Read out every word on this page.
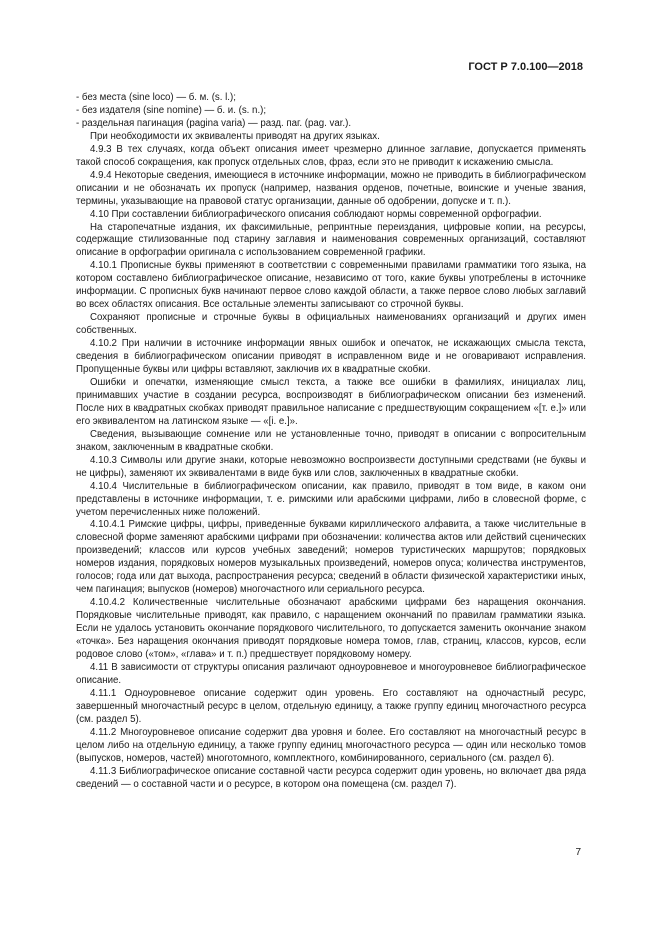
ГОСТ Р 7.0.100—2018

‐ без места (sine loco) — б. м. (s. l.);

‐ без издателя (sine nomine) — б. и. (s. n.);

‐ раздельная пагинация (pagina varia) — разд. паг. (pag. var.).

При необходимости их эквиваленты приводят на других языках.

4.9.3 В тех случаях, когда объект описания имеет чрезмерно длинное заглавие, допускается применять такой способ сокращения, как пропуск отдельных слов, фраз, если это не приводит к искажению смысла.

4.9.4 Некоторые сведения, имеющиеся в источнике информации, можно не приводить в библиографическом описании и не обозначать их пропуск (например, названия орденов, почетные, воинские и ученые звания, термины, указывающие на правовой статус организации, данные об одобрении, допуске и т. п.).

4.10 При составлении библиографического описания соблюдают нормы современной орфографии.

На старопечатные издания, их факсимильные, репринтные переиздания, цифровые копии, на ресурсы, содержащие стилизованные под старину заглавия и наименования современных организаций, составляют описание в орфографии оригинала с использованием современной графики.

4.10.1 Прописные буквы применяют в соответствии с современными правилами грамматики того языка, на котором составлено библиографическое описание, независимо от того, какие буквы употреблены в источнике информации. С прописных букв начинают первое слово каждой области, а также первое слово любых заглавий во всех областях описания. Все остальные элементы записывают со строчной буквы.

Сохраняют прописные и строчные буквы в официальных наименованиях организаций и других имен собственных.

4.10.2 При наличии в источнике информации явных ошибок и опечаток, не искажающих смысла текста, сведения в библиографическом описании приводят в исправленном виде и не оговаривают исправления. Пропущенные буквы или цифры вставляют, заключив их в квадратные скобки.

Ошибки и опечатки, изменяющие смысл текста, а также все ошибки в фамилиях, инициалах лиц, принимавших участие в создании ресурса, воспроизводят в библиографическом описании без изменений. После них в квадратных скобках приводят правильное написание с предшествующим сокращением «[т. е.]» или его эквивалентом на латинском языке — «[i. e.]».

Сведения, вызывающие сомнение или не установленные точно, приводят в описании с вопросительным знаком, заключенным в квадратные скобки.

4.10.3 Символы или другие знаки, которые невозможно воспроизвести доступными средствами (не буквы и не цифры), заменяют их эквивалентами в виде букв или слов, заключенных в квадратные скобки.

4.10.4 Числительные в библиографическом описании, как правило, приводят в том виде, в каком они представлены в источнике информации, т. е. римскими или арабскими цифрами, либо в словесной форме, с учетом перечисленных ниже положений.

4.10.4.1 Римские цифры, цифры, приведенные буквами кириллического алфавита, а также числительные в словесной форме заменяют арабскими цифрами при обозначении: количества актов или действий сценических произведений; классов или курсов учебных заведений; номеров туристических маршрутов; порядковых номеров издания, порядковых номеров музыкальных произведений, номеров опуса; количества инструментов, голосов; года или дат выхода, распространения ресурса; сведений в области физической характеристики иных, чем пагинация; выпусков (номеров) многочастного или сериального ресурса.

4.10.4.2 Количественные числительные обозначают арабскими цифрами без наращения окончания. Порядковые числительные приводят, как правило, с наращением окончаний по правилам грамматики языка. Если не удалось установить окончание порядкового числительного, то допускается заменить окончание знаком «точка». Без наращения окончания приводят порядковые номера томов, глав, страниц, классов, курсов, если родовое слово («том», «глава» и т. п.) предшествует порядковому номеру.

4.11 В зависимости от структуры описания различают одноуровневое и многоуровневое библиографическое описание.

4.11.1 Одноуровневое описание содержит один уровень. Его составляют на одночастный ресурс, завершенный многочастный ресурс в целом, отдельную единицу, а также группу единиц многочастного ресурса (см. раздел 5).

4.11.2 Многоуровневое описание содержит два уровня и более. Его составляют на многочастный ресурс в целом либо на отдельную единицу, а также группу единиц многочастного ресурса — один или несколько томов (выпусков, номеров, частей) многотомного, комплектного, комбинированного, сериального (см. раздел 6).

4.11.3 Библиографическое описание составной части ресурса содержит один уровень, но включает два ряда сведений — о составной части и о ресурсе, в котором она помещена (см. раздел 7).

7
